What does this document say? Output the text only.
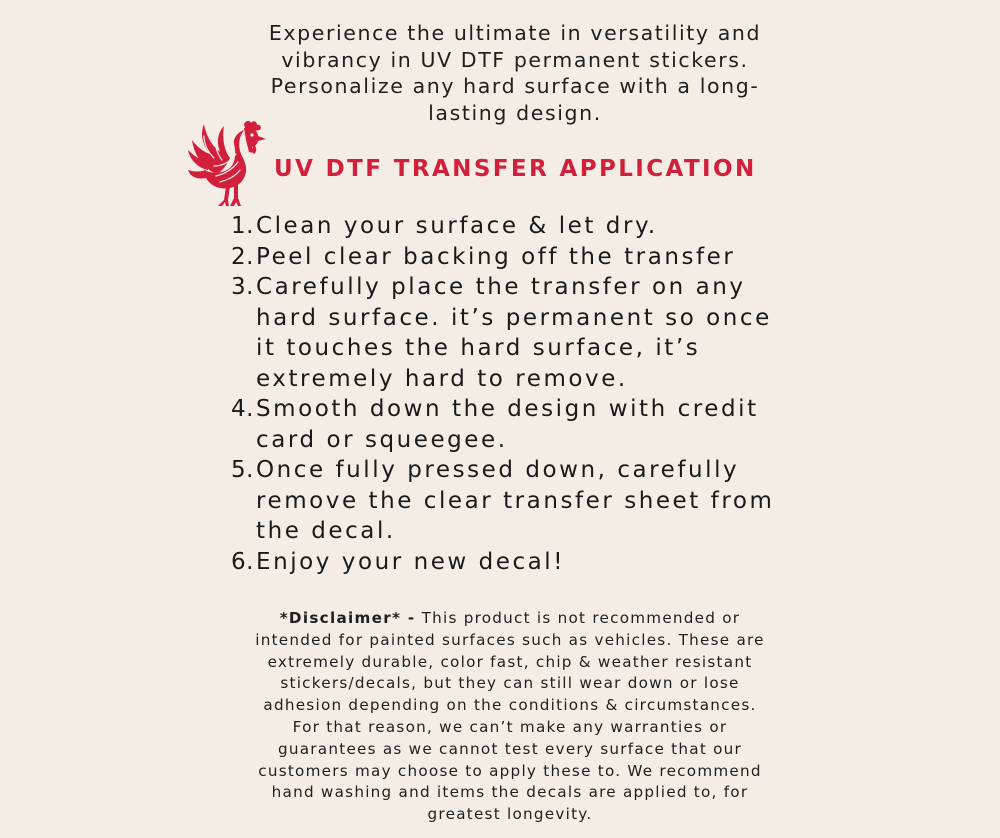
Experience the ultimate in versatility and
vibrancy in UV DTF permanent stickers.
Personalize any hard surface with a long-
lasting design.
UV DTF TRANSFER APPLICATION
1. Clean your surface & let dry.
2. Peel clear backing off the transfer
3. Carefully place the transfer on any
hard surface. it’s permanent so once
it touches the hard surface, it’s
extremely hard to remove.
4. Smooth down the design with credit
card or squeegee.
5. Once fully pressed down, carefully
remove the clear transfer sheet from
the decal.
6. Enjoy your new decal!
*Disclaimer* - This product is not recommended or
intended for painted surfaces such as vehicles. These are
extremely durable, color fast, chip & weather resistant
stickers/decals, but they can still wear down or lose
adhesion depending on the conditions & circumstances.
For that reason, we can’t make any warranties or
guarantees as we cannot test every surface that our
customers may choose to apply these to. We recommend
hand washing and items the decals are applied to, for
greatest longevity.
